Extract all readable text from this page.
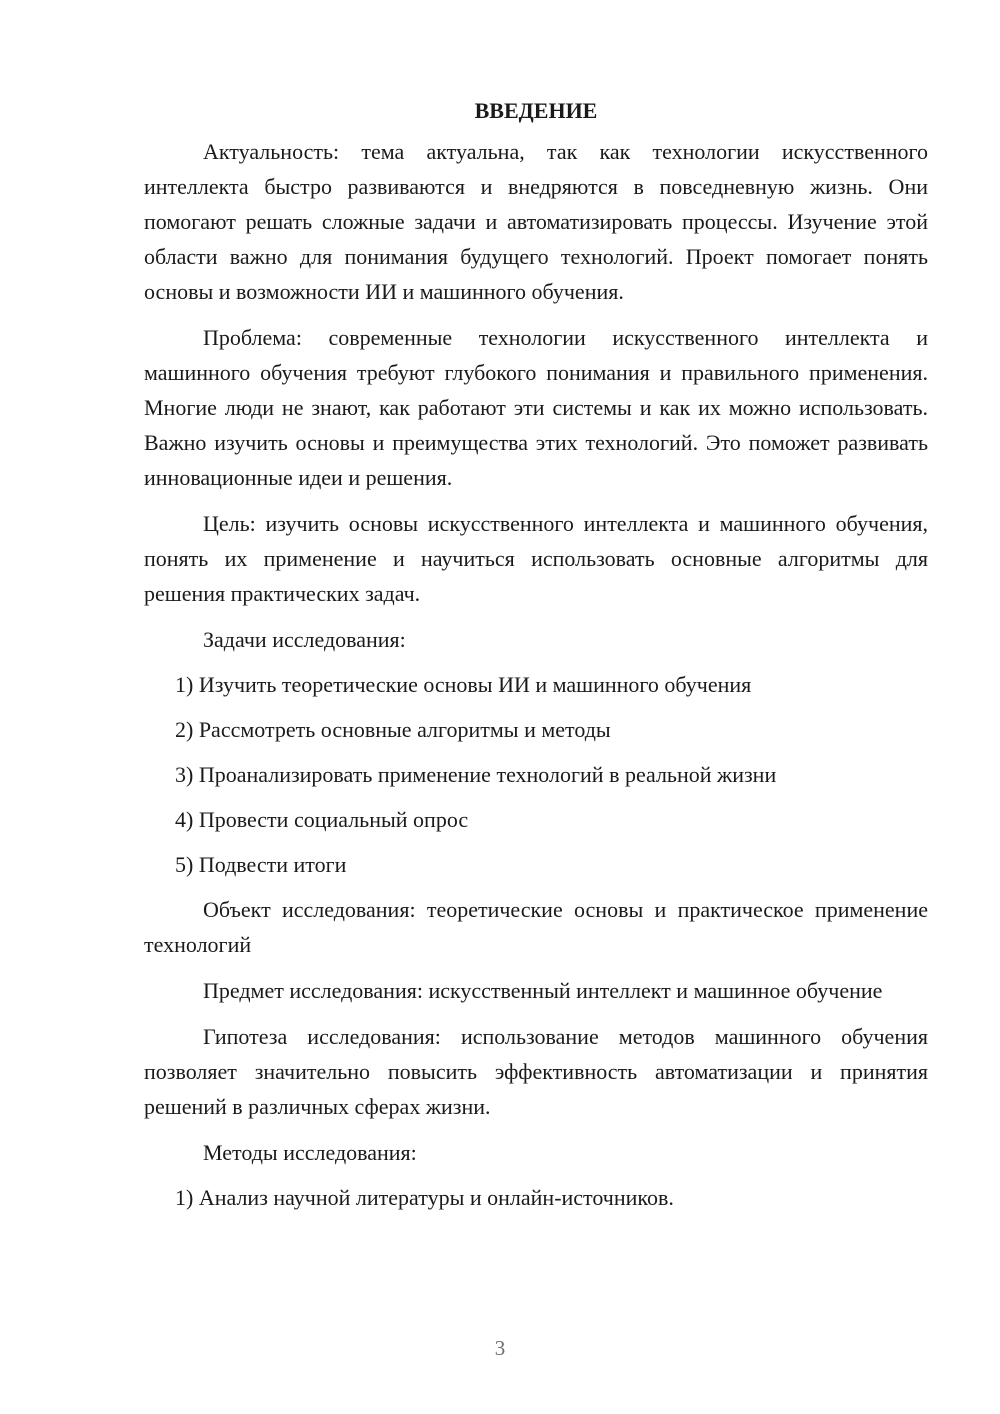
ВВЕДЕНИЕ

Актуальность: тема актуальна, так как технологии искусственного интеллекта быстро развиваются и внедряются в повседневную жизнь. Они помогают решать сложные задачи и автоматизировать процессы. Изучение этой области важно для понимания будущего технологий. Проект помогает понять основы и возможности ИИ и машинного обучения.

Проблема: современные технологии искусственного интеллекта и машинного обучения требуют глубокого понимания и правильного применения. Многие люди не знают, как работают эти системы и как их можно использовать. Важно изучить основы и преимущества этих технологий. Это поможет развивать инновационные идеи и решения.

Цель: изучить основы искусственного интеллекта и машинного обучения, понять их применение и научиться использовать основные алгоритмы для решения практических задач.

Задачи исследования:

1) Изучить теоретические основы ИИ и машинного обучения
2) Рассмотреть основные алгоритмы и методы
3) Проанализировать применение технологий в реальной жизни
4) Провести социальный опрос
5) Подвести итоги

Объект исследования: теоретические основы и практическое применение технологий

Предмет исследования: искусственный интеллект и машинное обучение

Гипотеза исследования: использование методов машинного обучения позволяет значительно повысить эффективность автоматизации и принятия решений в различных сферах жизни.

Методы исследования:

1) Анализ научной литературы и онлайн-источников.
3
